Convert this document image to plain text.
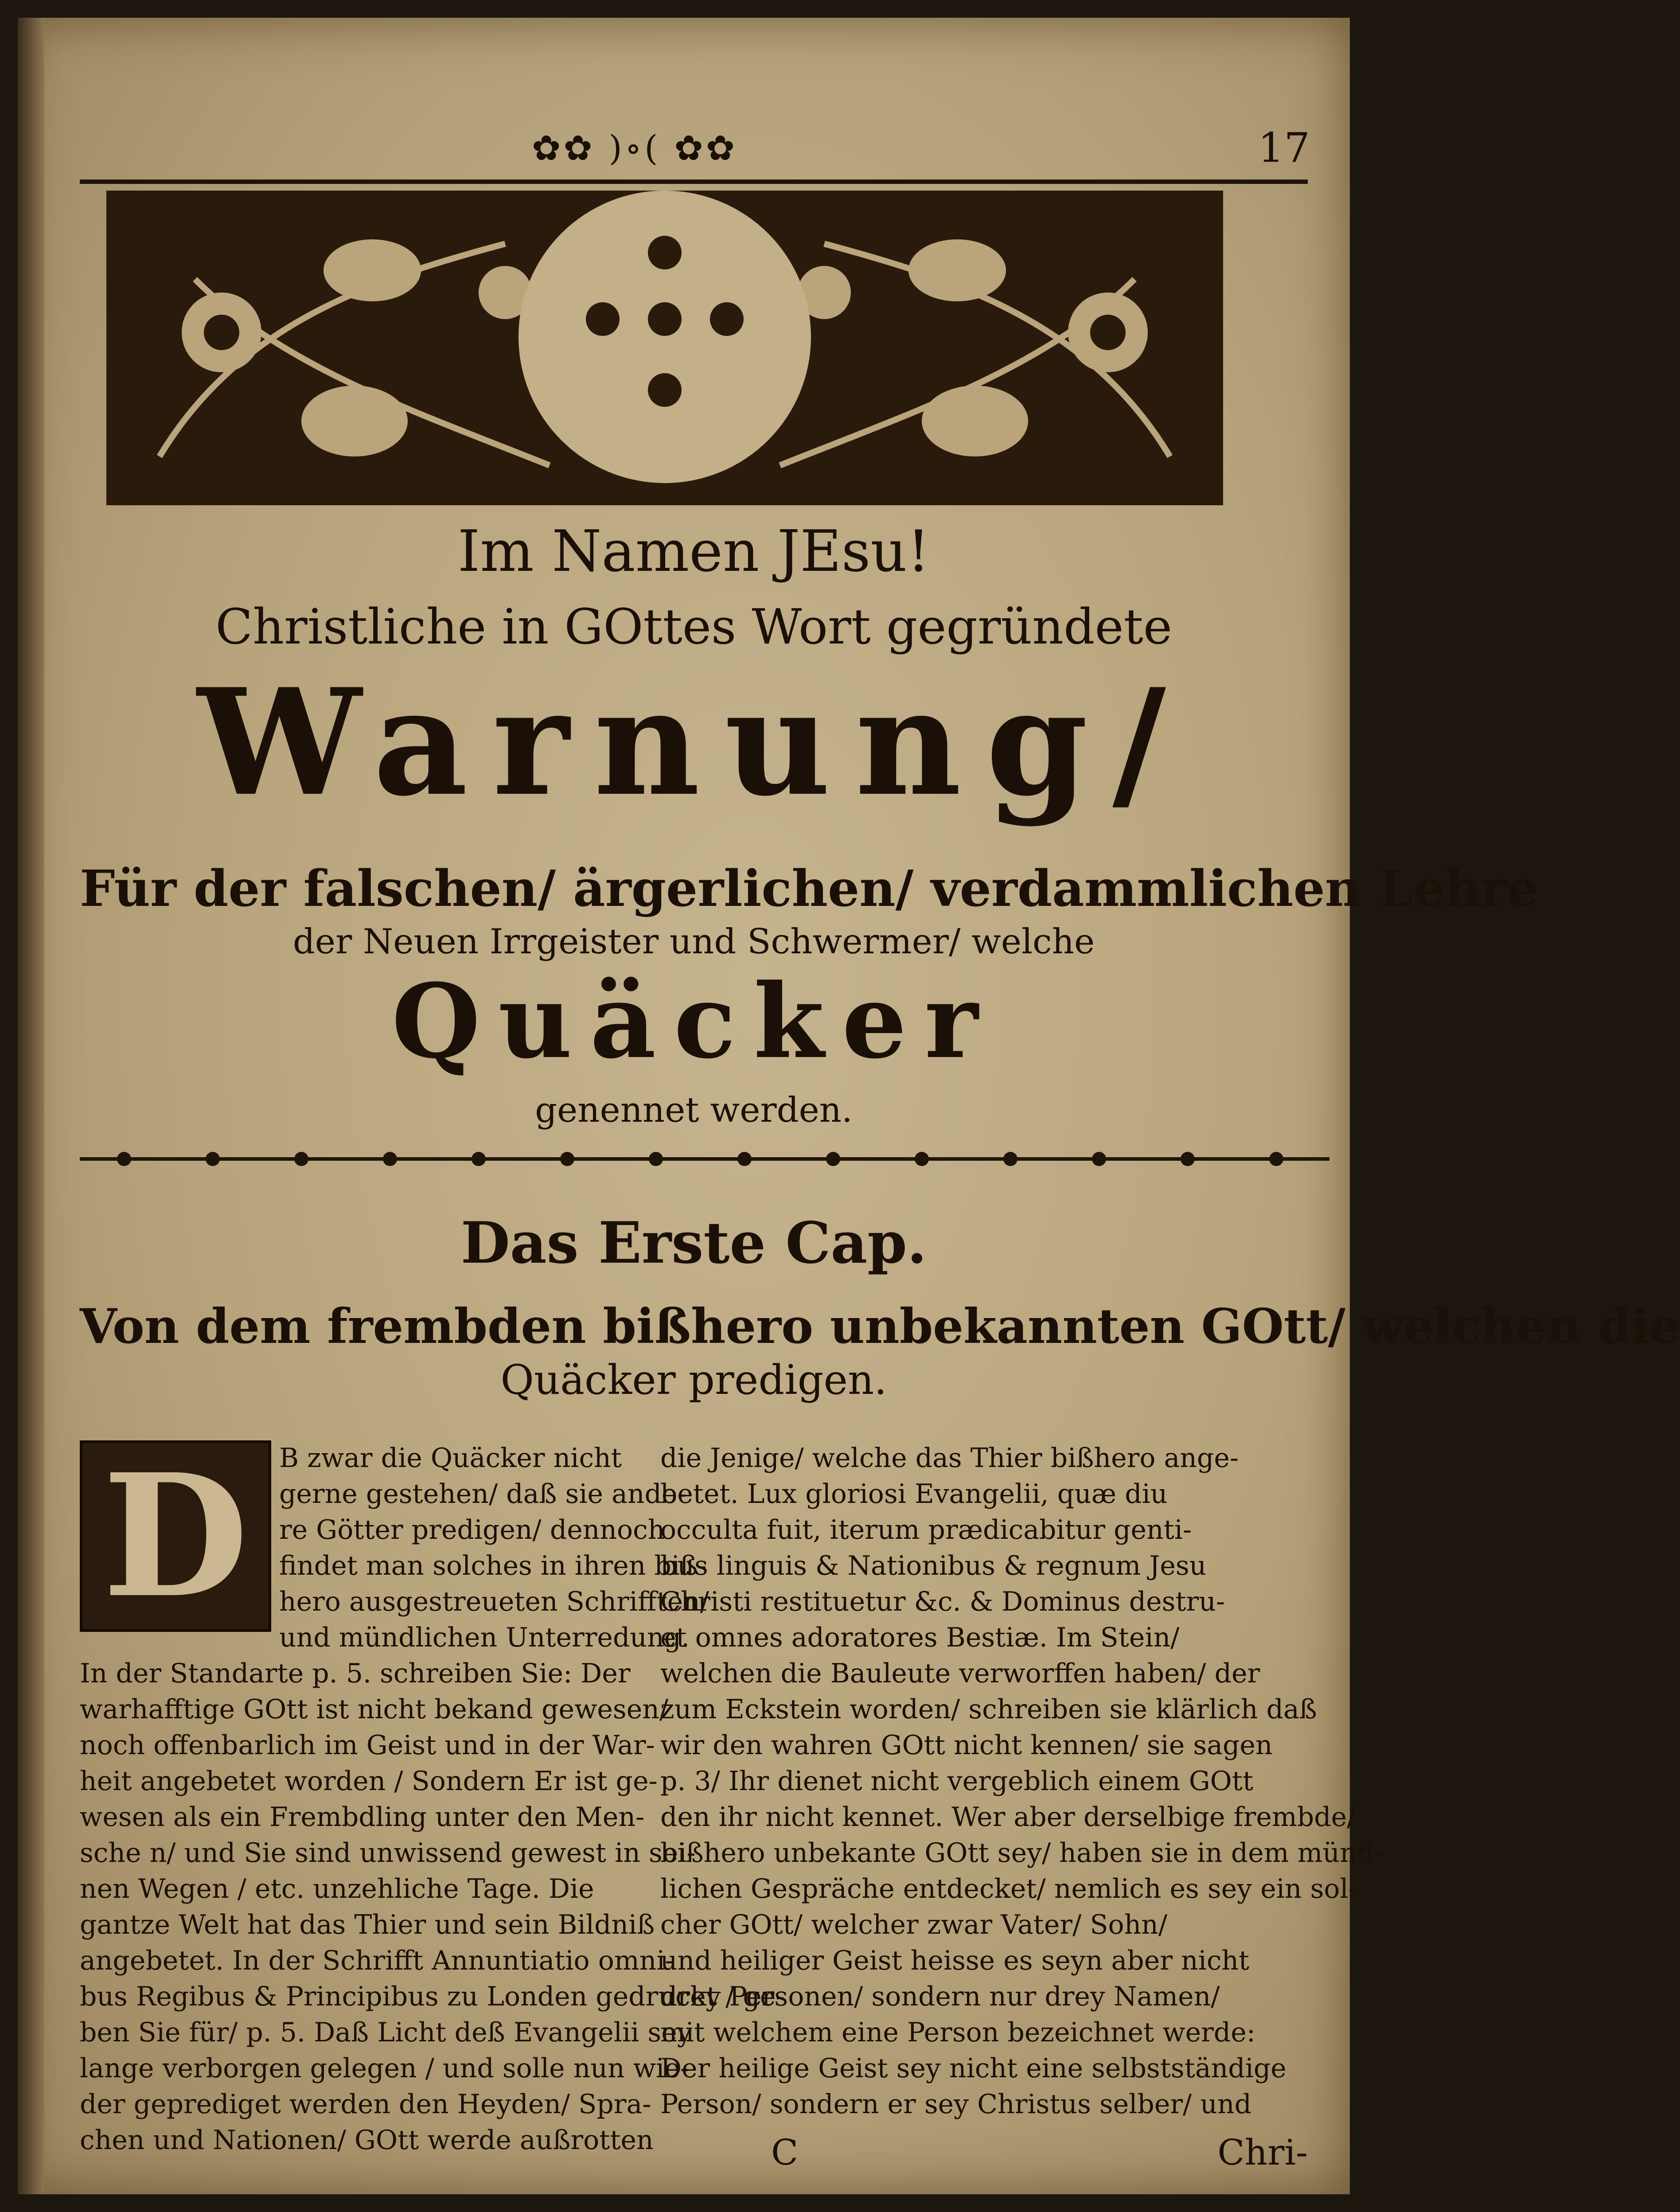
✿✿ )∘( ✿✿	17
Im Namen JEsu!
Christliche in GOttes Wort gegründete
Warnung/
Für der falschen/ ärgerlichen/ verdammlichen Lehre
der Neuen Irrgeister und Schwermer/ welche
Quäcker
genennet werden.
Das Erste Cap.
Von dem frembden bißhero unbekannten GOtt/ welchen die
Quäcker predigen.
D	B zwar die Quäcker nicht
gerne gestehen/ daß sie ande-
re Götter predigen/ dennoch
findet man solches in ihren biß-
hero ausgestreueten Schrifften/
und mündlichen Unterredung.
In der Standarte p. 5. schreiben Sie: Der
warhafftige GOtt ist nicht bekand gewesen/
noch offenbarlich im Geist und in der War-
heit angebetet worden / Sondern Er ist ge-
wesen als ein Frembdling unter den Men-
sche n/ und Sie sind unwissend gewest in sei-
nen Wegen / etc. unzehliche Tage. Die
gantze Welt hat das Thier und sein Bildniß
angebetet. In der Schrifft Annuntiatio omni-
bus Regibus & Principibus zu Londen gedruckt / ge-
ben Sie für/ p. 5. Daß Licht deß Evangelii sey
lange verborgen gelegen / und solle nun wie-
der geprediget werden den Heyden/ Spra-
chen und Nationen/ GOtt werde außrotten
die Jenige/ welche das Thier bißhero ange-
betet. Lux gloriosi Evangelii, quæ diu
occulta fuit, iterum prædicabitur genti-
bus linguis & Nationibus & regnum Jesu
Christi restituetur &c. & Dominus destru-
et omnes adoratores Bestiæ. Im Stein/
welchen die Bauleute verworffen haben/ der
zum Eckstein worden/ schreiben sie klärlich daß
wir den wahren GOtt nicht kennen/ sie sagen
p. 3/ Ihr dienet nicht vergeblich einem GOtt
den ihr nicht kennet. Wer aber derselbige frembde/
bißhero unbekante GOtt sey/ haben sie in dem münd-
lichen Gespräche entdecket/ nemlich es sey ein sol-
cher GOtt/ welcher zwar Vater/ Sohn/
und heiliger Geist heisse es seyn aber nicht
drey Personen/ sondern nur drey Namen/
mit welchem eine Person bezeichnet werde:
Der heilige Geist sey nicht eine selbstständige
Person/ sondern er sey Christus selber/ und
C	Chri-
